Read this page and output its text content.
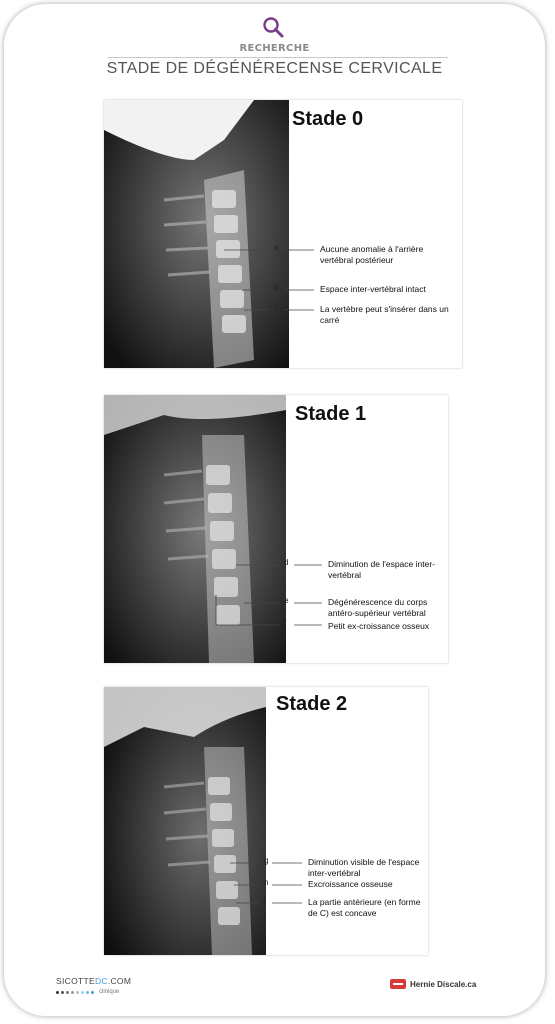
RECHERCHE
STADE DE DÉGÉNÉRECENSE CERVICALE
Stade 0
a	Aucune anomalie à l'arrière vertébral postérieur
b	Espace inter-vertébral intact
c	La vertèbre peut s'insérer dans un carré
Stade 1
d	Diminution de l'espace inter-vertébral
e	Dégénérescence du corps antéro-supérieur vertébral
f	Petit ex-croissance osseux
Stade 2
g	Diminution visible de l'espace inter-vertébral
h	Excroissance osseuse
i	La partie antérieure (en forme de C) est concave
SICOTTEDC.COM
clinique
Hernie Discale.ca
